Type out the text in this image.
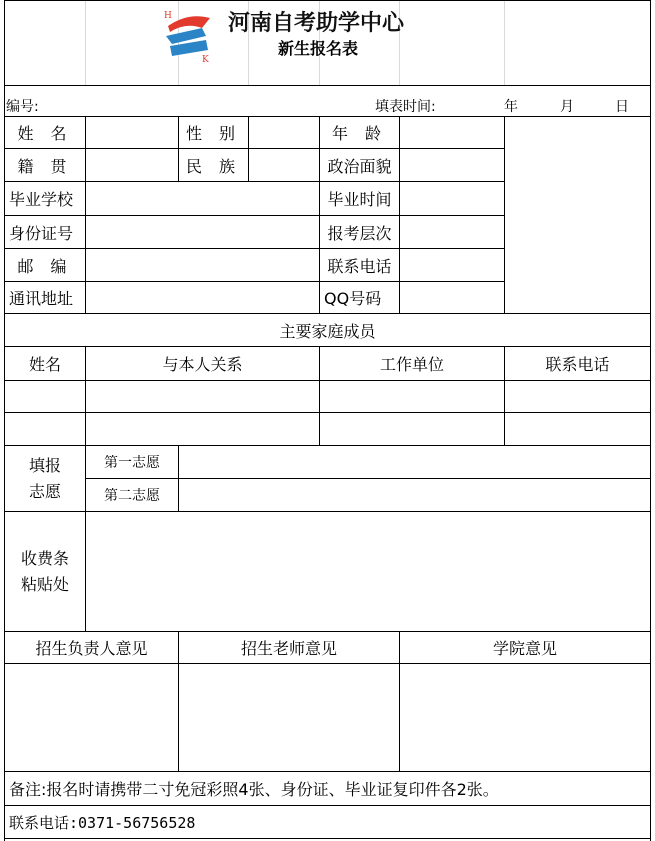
H
K
河南自考助学中心
新生报名表
编号:	填表时间:	年	月	日
姓 名	性 别	年 龄
籍 贯	民 族	政治面貌
毕业学校	毕业时间
身份证号	报考层次
邮 编	联系电话
通讯地址	QQ号码
主要家庭成员
姓名	与本人关系	工作单位	联系电话
填报
志愿
第一志愿
第二志愿
收费条
粘贴处
招生负责人意见	招生老师意见	学院意见
备注:报名时请携带二寸免冠彩照4张、身份证、毕业证复印件各2张。
联系电话:0371-56756528
